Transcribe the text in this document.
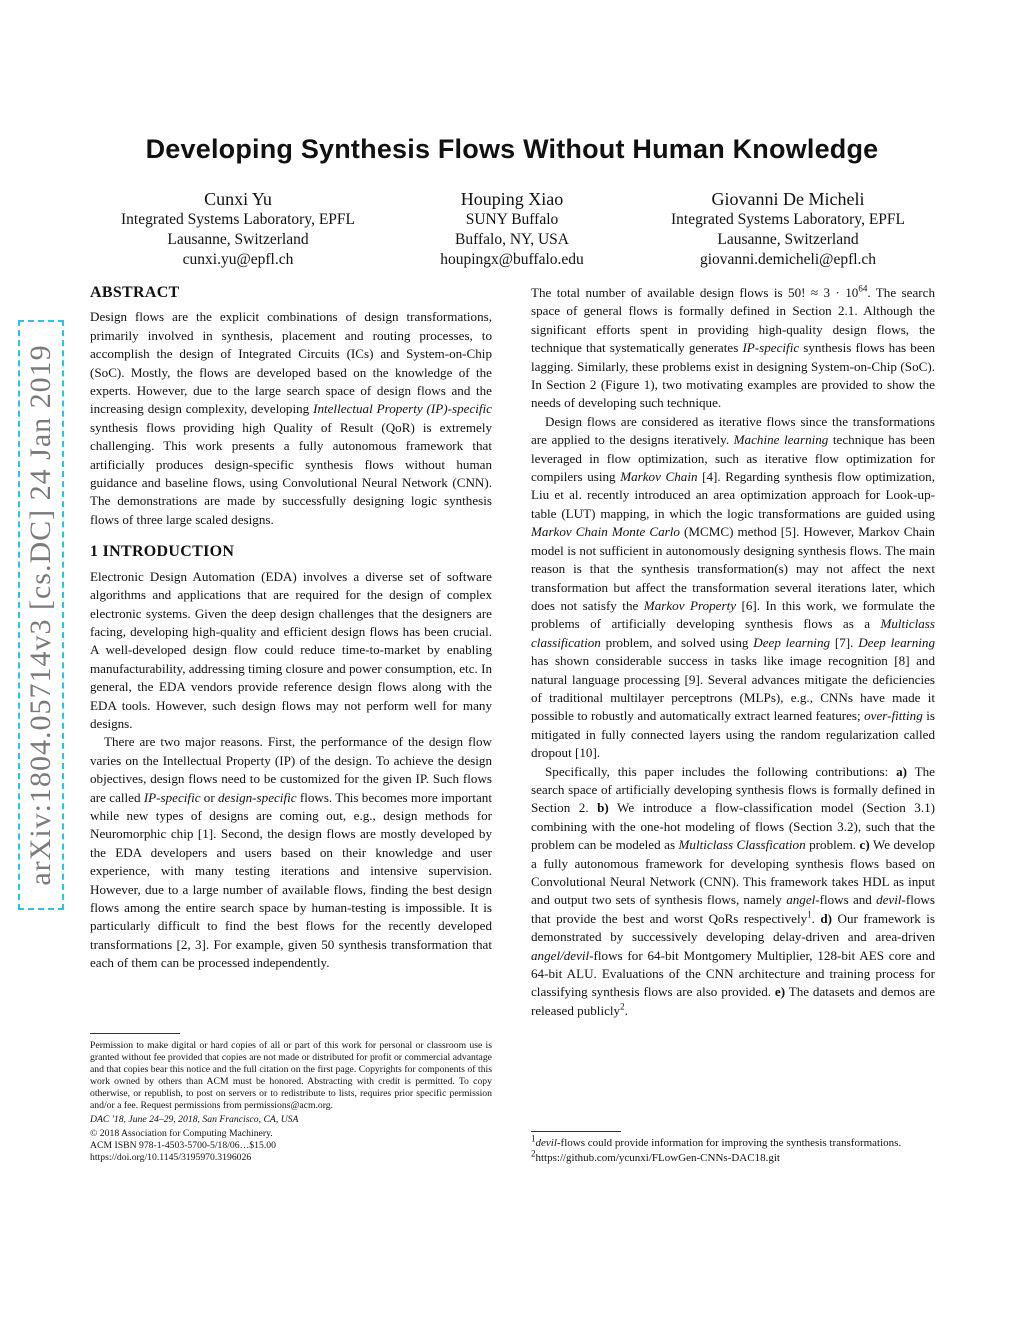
arXiv:1804.05714v3 [cs.DC] 24 Jan 2019
Developing Synthesis Flows Without Human Knowledge
Cunxi Yu
Integrated Systems Laboratory, EPFL
Lausanne, Switzerland
cunxi.yu@epfl.ch
Houping Xiao
SUNY Buffalo
Buffalo, NY, USA
houpingx@buffalo.edu
Giovanni De Micheli
Integrated Systems Laboratory, EPFL
Lausanne, Switzerland
giovanni.demicheli@epfl.ch
ABSTRACT

Design flows are the explicit combinations of design transformations, primarily involved in synthesis, placement and routing processes, to accomplish the design of Integrated Circuits (ICs) and System-on-Chip (SoC). Mostly, the flows are developed based on the knowledge of the experts. However, due to the large search space of design flows and the increasing design complexity, developing Intellectual Property (IP)-specific synthesis flows providing high Quality of Result (QoR) is extremely challenging. This work presents a fully autonomous framework that artificially produces design-specific synthesis flows without human guidance and baseline flows, using Convolutional Neural Network (CNN). The demonstrations are made by successfully designing logic synthesis flows of three large scaled designs.

1 INTRODUCTION

Electronic Design Automation (EDA) involves a diverse set of software algorithms and applications that are required for the design of complex electronic systems. Given the deep design challenges that the designers are facing, developing high-quality and efficient design flows has been crucial. A well-developed design flow could reduce time-to-market by enabling manufacturability, addressing timing closure and power consumption, etc. In general, the EDA vendors provide reference design flows along with the EDA tools. However, such design flows may not perform well for many designs.

There are two major reasons. First, the performance of the design flow varies on the Intellectual Property (IP) of the design. To achieve the design objectives, design flows need to be customized for the given IP. Such flows are called IP-specific or design-specific flows. This becomes more important while new types of designs are coming out, e.g., design methods for Neuromorphic chip [1]. Second, the design flows are mostly developed by the EDA developers and users based on their knowledge and user experience, with many testing iterations and intensive supervision. However, due to a large number of available flows, finding the best design flows among the entire search space by human-testing is impossible. It is particularly difficult to find the best flows for the recently developed transformations [2, 3]. For example, given 50 synthesis transformation that each of them can be processed independently.

Permission to make digital or hard copies of all or part of this work for personal or classroom use is granted without fee provided that copies are not made or distributed for profit or commercial advantage and that copies bear this notice and the full citation on the first page. Copyrights for components of this work owned by others than ACM must be honored. Abstracting with credit is permitted. To copy otherwise, or republish, to post on servers or to redistribute to lists, requires prior specific permission and/or a fee. Request permissions from permissions@acm.org.
DAC '18, June 24–29, 2018, San Francisco, CA, USA
© 2018 Association for Computing Machinery.
ACM ISBN 978-1-4503-5700-5/18/06…$15.00
https://doi.org/10.1145/3195970.3196026

The total number of available design flows is 50! ≈ $3 \cdot 10^{64}$. The search space of general flows is formally defined in Section 2.1. Although the significant efforts spent in providing high-quality design flows, the technique that systematically generates IP-specific synthesis flows has been lagging. Similarly, these problems exist in designing System-on-Chip (SoC). In Section 2 (Figure 1), two motivating examples are provided to show the needs of developing such technique.

Design flows are considered as iterative flows since the transformations are applied to the designs iteratively. Machine learning technique has been leveraged in flow optimization, such as iterative flow optimization for compilers using Markov Chain [4]. Regarding synthesis flow optimization, Liu et al. recently introduced an area optimization approach for Look-up-table (LUT) mapping, in which the logic transformations are guided using Markov Chain Monte Carlo (MCMC) method [5]. However, Markov Chain model is not sufficient in autonomously designing synthesis flows. The main reason is that the synthesis transformation(s) may not affect the next transformation but affect the transformation several iterations later, which does not satisfy the Markov Property [6]. In this work, we formulate the problems of artificially developing synthesis flows as a Multiclass classification problem, and solved using Deep learning [7]. Deep learning has shown considerable success in tasks like image recognition [8] and natural language processing [9]. Several advances mitigate the deficiencies of traditional multilayer perceptrons (MLPs), e.g., CNNs have made it possible to robustly and automatically extract learned features; over-fitting is mitigated in fully connected layers using the random regularization called dropout [10].

Specifically, this paper includes the following contributions: a) The search space of artificially developing synthesis flows is formally defined in Section 2. b) We introduce a flow-classification model (Section 3.1) combining with the one-hot modeling of flows (Section 3.2), such that the problem can be modeled as Multiclass Classfication problem. c) We develop a fully autonomous framework for developing synthesis flows based on Convolutional Neural Network (CNN). This framework takes HDL as input and output two sets of synthesis flows, namely angel-flows and devil-flows that provide the best and worst QoRs respectively$^1$. d) Our framework is demonstrated by successively developing delay-driven and area-driven angel/devil-flows for 64-bit Montgomery Multiplier, 128-bit AES core and 64-bit ALU. Evaluations of the CNN architecture and training process for classifying synthesis flows are also provided. e) The datasets and demos are released publicly$^2$.

$^1$devil-flows could provide information for improving the synthesis transformations.
$^2$https://github.com/ycunxi/FLowGen-CNNs-DAC18.git
